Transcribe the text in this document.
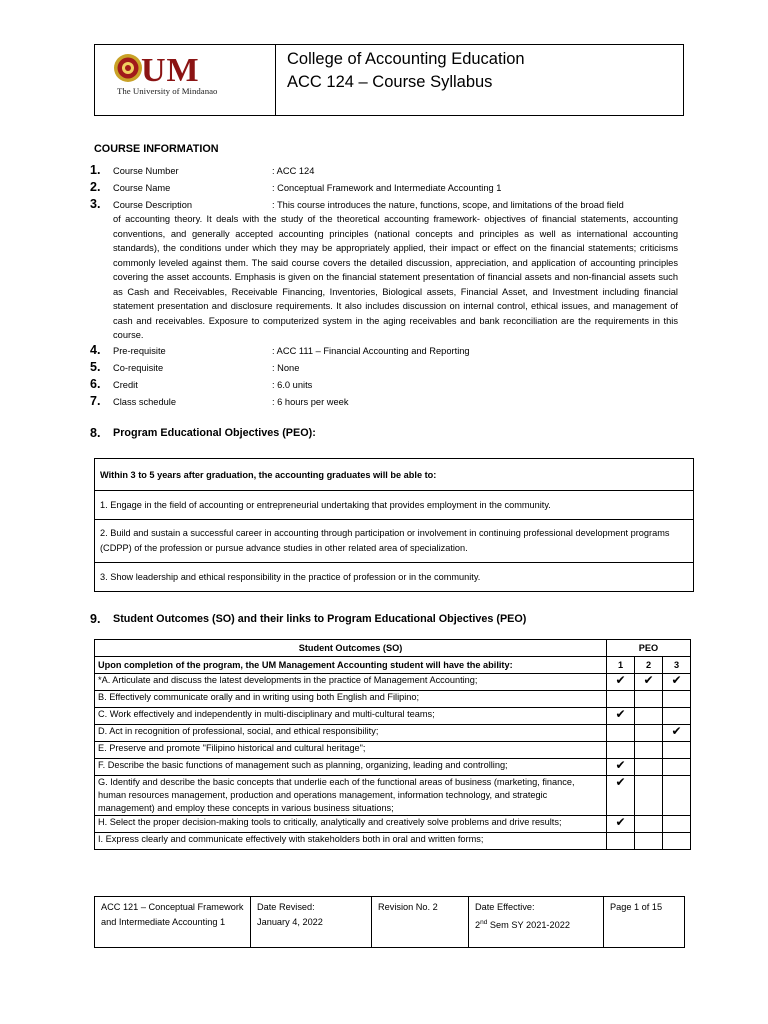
UM
The University of Mindanao
College of Accounting Education
ACC 124 – Course Syllabus
COURSE INFORMATION
1. Course Number	: ACC 124
2. Course Name	: Conceptual Framework and Intermediate Accounting 1
3. Course Description	: This course introduces the nature, functions, scope, and limitations of the broad field
of accounting theory. It deals with the study of the theoretical accounting framework- objectives of financial statements, accounting conventions, and generally accepted accounting principles (national concepts and principles as well as international accounting standards), the conditions under which they may be appropriately applied, their impact or effect on the financial statements; criticisms commonly leveled against them. The said course covers the detailed discussion, appreciation, and application of accounting principles covering the asset accounts. Emphasis is given on the financial statement presentation of financial assets and non-financial assets such as Cash and Receivables, Receivable Financing, Inventories, Biological assets, Financial Asset, and Investment including financial statement presentation and disclosure requirements. It also includes discussion on internal control, ethical issues, and management of cash and receivables. Exposure to computerized system in the aging receivables and bank reconciliation are the requirements in this course.
4. Pre-requisite	: ACC 111 – Financial Accounting and Reporting
5. Co-requisite	: None
6. Credit	: 6.0 units
7. Class schedule	: 6 hours per week
8. Program Educational Objectives (PEO):
Within 3 to 5 years after graduation, the accounting graduates will be able to:
1. Engage in the field of accounting or entrepreneurial undertaking that provides employment in the community.
2. Build and sustain a successful career in accounting through participation or involvement in continuing professional development programs (CDPP) of the profession or pursue advance studies in other related area of specialization.
3. Show leadership and ethical responsibility in the practice of profession or in the community.
9. Student Outcomes (SO) and their links to Program Educational Objectives (PEO)
Student Outcomes (SO)	PEO		
Upon completion of the program, the UM Management Accounting student will have the ability:	1	2	3
*A. Articulate and discuss the latest developments in the practice of Management Accounting;	✔	✔	✔
B. Effectively communicate orally and in writing using both English and Filipino;			
C. Work effectively and independently in multi-disciplinary and multi-cultural teams;	✔		
D. Act in recognition of professional, social, and ethical responsibility;			✔
E. Preserve and promote "Filipino historical and cultural heritage";			
F. Describe the basic functions of management such as planning, organizing, leading and controlling;	✔		
G. Identify and describe the basic concepts that underlie each of the functional areas of business (marketing, finance, human resources management, production and operations management, information technology, and strategic management) and employ these concepts in various business situations;	✔		
H. Select the proper decision-making tools to critically, analytically and creatively solve problems and drive results;	✔		
I. Express clearly and communicate effectively with stakeholders both in oral and written forms;			
ACC 121 – Conceptual Framework and Intermediate Accounting 1	
Date Revised:
January 4, 2022
	Revision No. 2	Date Effective:
2nd Sem SY 2021-2022
	Page 1 of 15
